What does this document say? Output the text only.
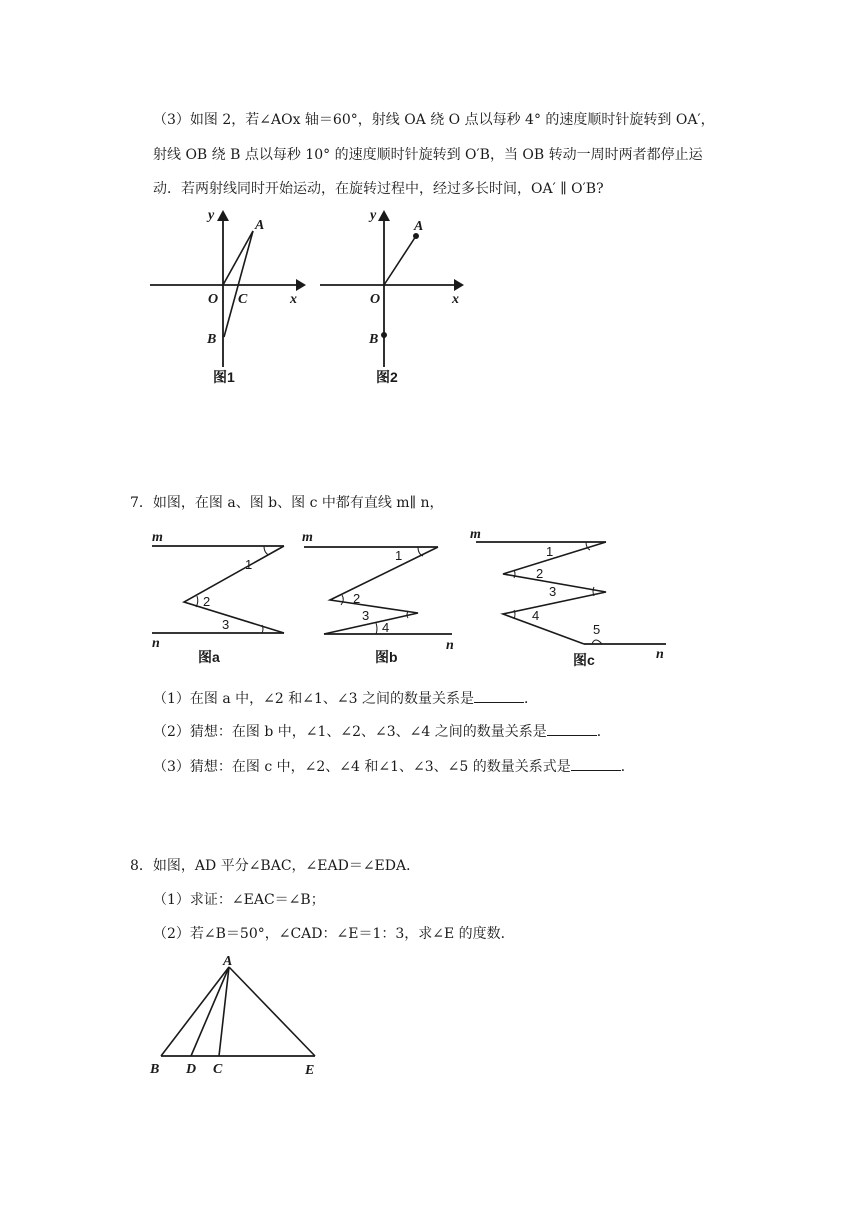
（3）如图 2，若∠AOx 轴＝60°，射线 OA 绕 O 点以每秒 4° 的速度顺时针旋转到 OA′，
射线 OB 绕 B 点以每秒 10° 的速度顺时针旋转到 O′B，当 OB 转动一周时两者都停止运
动．若两射线同时开始运动，在旋转过程中，经过多长时间，OA′ ∥ O′B?
y
A
O C	x
B
图1
y
A
O	x
B
图2
7．如图，在图 a、图 b、图 c 中都有直线 m∥ n，
m
n
1
2
3
图a
m
n
1
2
3
4
图b
m
n
1
2
3
4
5
图c
（1）在图 a 中，∠2 和∠1、∠3 之间的数量关系是	．
（2）猜想：在图 b 中，∠1、∠2、∠3、∠4 之间的数量关系是	．
（3）猜想：在图 c 中，∠2、∠4 和∠1、∠3、∠5 的数量关系式是	．
8．如图，AD 平分∠BAC，∠EAD＝∠EDA．
（1）求证：∠EAC＝∠B；
（2）若∠B＝50°，∠CAD：∠E＝1：3，求∠E 的度数．
A
B D C	E
